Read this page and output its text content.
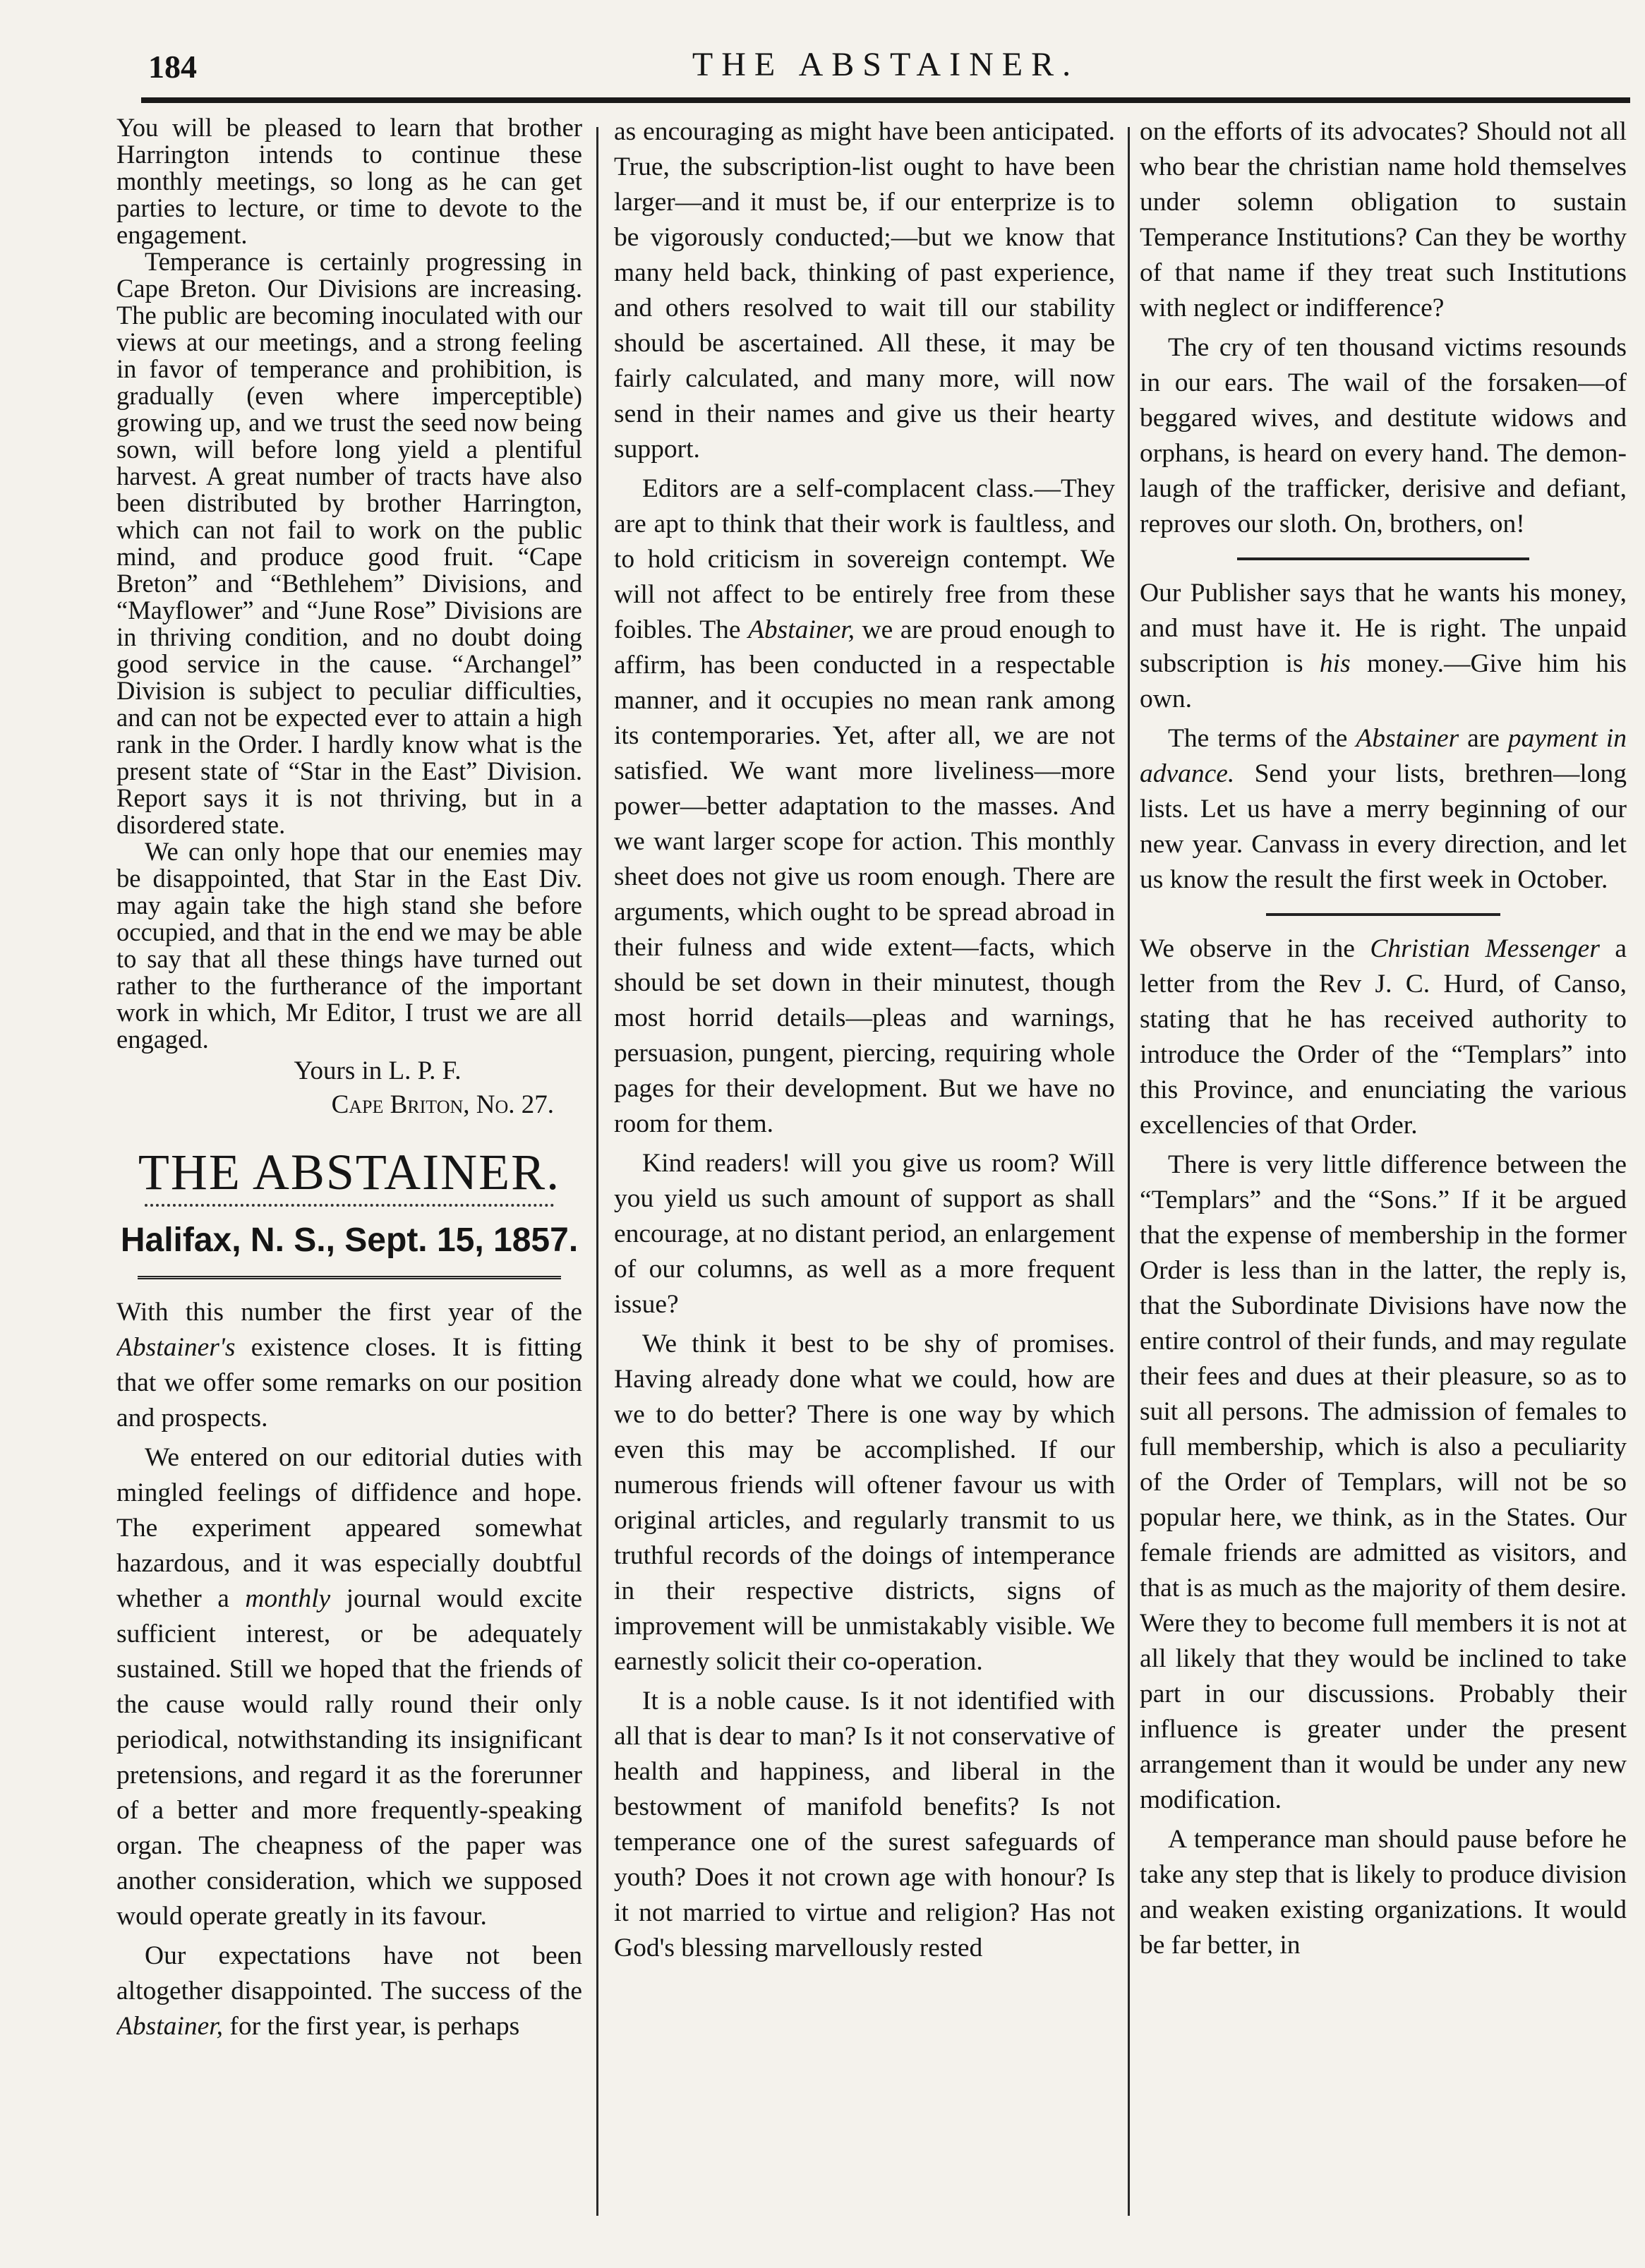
184	THE ABSTAINER.

You will be pleased to learn that brother Harrington intends to continue these monthly meetings, so long as he can get parties to lecture, or time to devote to the engagement.

Temperance is certainly progressing in Cape Breton. Our Divisions are increasing. The public are becoming inoculated with our views at our meetings, and a strong feeling in favor of temperance and prohibition, is gradually (even where imperceptible) growing up, and we trust the seed now being sown, will before long yield a plentiful harvest. A great number of tracts have also been distributed by brother Harrington, which can not fail to work on the public mind, and produce good fruit. “Cape Breton” and “Bethlehem” Divisions, and “Mayflower” and “June Rose” Divisions are in thriving condition, and no doubt doing good service in the cause. “Archangel” Division is subject to peculiar difficulties, and can not be expected ever to attain a high rank in the Order. I hardly know what is the present state of “Star in the East” Division. Report says it is not thriving, but in a disordered state.

We can only hope that our enemies may be disappointed, that Star in the East Div. may again take the high stand she before occupied, and that in the end we may be able to say that all these things have turned out rather to the furtherance of the important work in which, Mr Editor, I trust we are all engaged.

Yours in L. P. F.
Cape Briton, No. 27.
THE ABSTAINER.
Halifax, N. S., Sept. 15, 1857.

With this number the first year of the Abstainer's existence closes. It is fitting that we offer some remarks on our position and prospects.

We entered on our editorial duties with mingled feelings of diffidence and hope. The experiment appeared somewhat hazardous, and it was especially doubtful whether a monthly journal would excite sufficient interest, or be adequately sustained. Still we hoped that the friends of the cause would rally round their only periodical, notwithstanding its insignificant pretensions, and regard it as the forerunner of a better and more frequently-speaking organ. The cheapness of the paper was another consideration, which we supposed would operate greatly in its favour.

Our expectations have not been altogether disappointed. The success of the Abstainer, for the first year, is perhaps

as encouraging as might have been anticipated. True, the subscription-list ought to have been larger—and it must be, if our enterprize is to be vigorously conducted;—but we know that many held back, thinking of past experience, and others resolved to wait till our stability should be ascertained. All these, it may be fairly calculated, and many more, will now send in their names and give us their hearty support.

Editors are a self-complacent class.—They are apt to think that their work is faultless, and to hold criticism in sovereign contempt. We will not affect to be entirely free from these foibles. The Abstainer, we are proud enough to affirm, has been conducted in a respectable manner, and it occupies no mean rank among its contemporaries. Yet, after all, we are not satisfied. We want more liveliness—more power—better adaptation to the masses. And we want larger scope for action. This monthly sheet does not give us room enough. There are arguments, which ought to be spread abroad in their fulness and wide extent—facts, which should be set down in their minutest, though most horrid details—pleas and warnings, persuasion, pungent, piercing, requiring whole pages for their development. But we have no room for them.

Kind readers! will you give us room? Will you yield us such amount of support as shall encourage, at no distant period, an enlargement of our columns, as well as a more frequent issue?

We think it best to be shy of promises. Having already done what we could, how are we to do better? There is one way by which even this may be accomplished. If our numerous friends will oftener favour us with original articles, and regularly transmit to us truthful records of the doings of intemperance in their respective districts, signs of improvement will be unmistakably visible. We earnestly solicit their co-operation.

It is a noble cause. Is it not identified with all that is dear to man? Is it not conservative of health and happiness, and liberal in the bestowment of manifold benefits? Is not temperance one of the surest safeguards of youth? Does it not crown age with honour? Is it not married to virtue and religion? Has not God's blessing marvellously rested

on the efforts of its advocates? Should not all who bear the christian name hold themselves under solemn obligation to sustain Temperance Institutions? Can they be worthy of that name if they treat such Institutions with neglect or indifference?

The cry of ten thousand victims resounds in our ears. The wail of the forsaken—of beggared wives, and destitute widows and orphans, is heard on every hand. The demon-laugh of the trafficker, derisive and defiant, reproves our sloth. On, brothers, on!

Our Publisher says that he wants his money, and must have it. He is right. The unpaid subscription is his money.—Give him his own.

The terms of the Abstainer are payment in advance. Send your lists, brethren—long lists. Let us have a merry beginning of our new year. Canvass in every direction, and let us know the result the first week in October.

We observe in the Christian Messenger a letter from the Rev J. C. Hurd, of Canso, stating that he has received authority to introduce the Order of the “Templars” into this Province, and enunciating the various excellencies of that Order.

There is very little difference between the “Templars” and the “Sons.” If it be argued that the expense of membership in the former Order is less than in the latter, the reply is, that the Subordinate Divisions have now the entire control of their funds, and may regulate their fees and dues at their pleasure, so as to suit all persons. The admission of females to full membership, which is also a peculiarity of the Order of Templars, will not be so popular here, we think, as in the States. Our female friends are admitted as visitors, and that is as much as the majority of them desire. Were they to become full members it is not at all likely that they would be inclined to take part in our discussions. Probably their influence is greater under the present arrangement than it would be under any new modification.

A temperance man should pause before he take any step that is likely to produce division and weaken existing organizations. It would be far better, in
